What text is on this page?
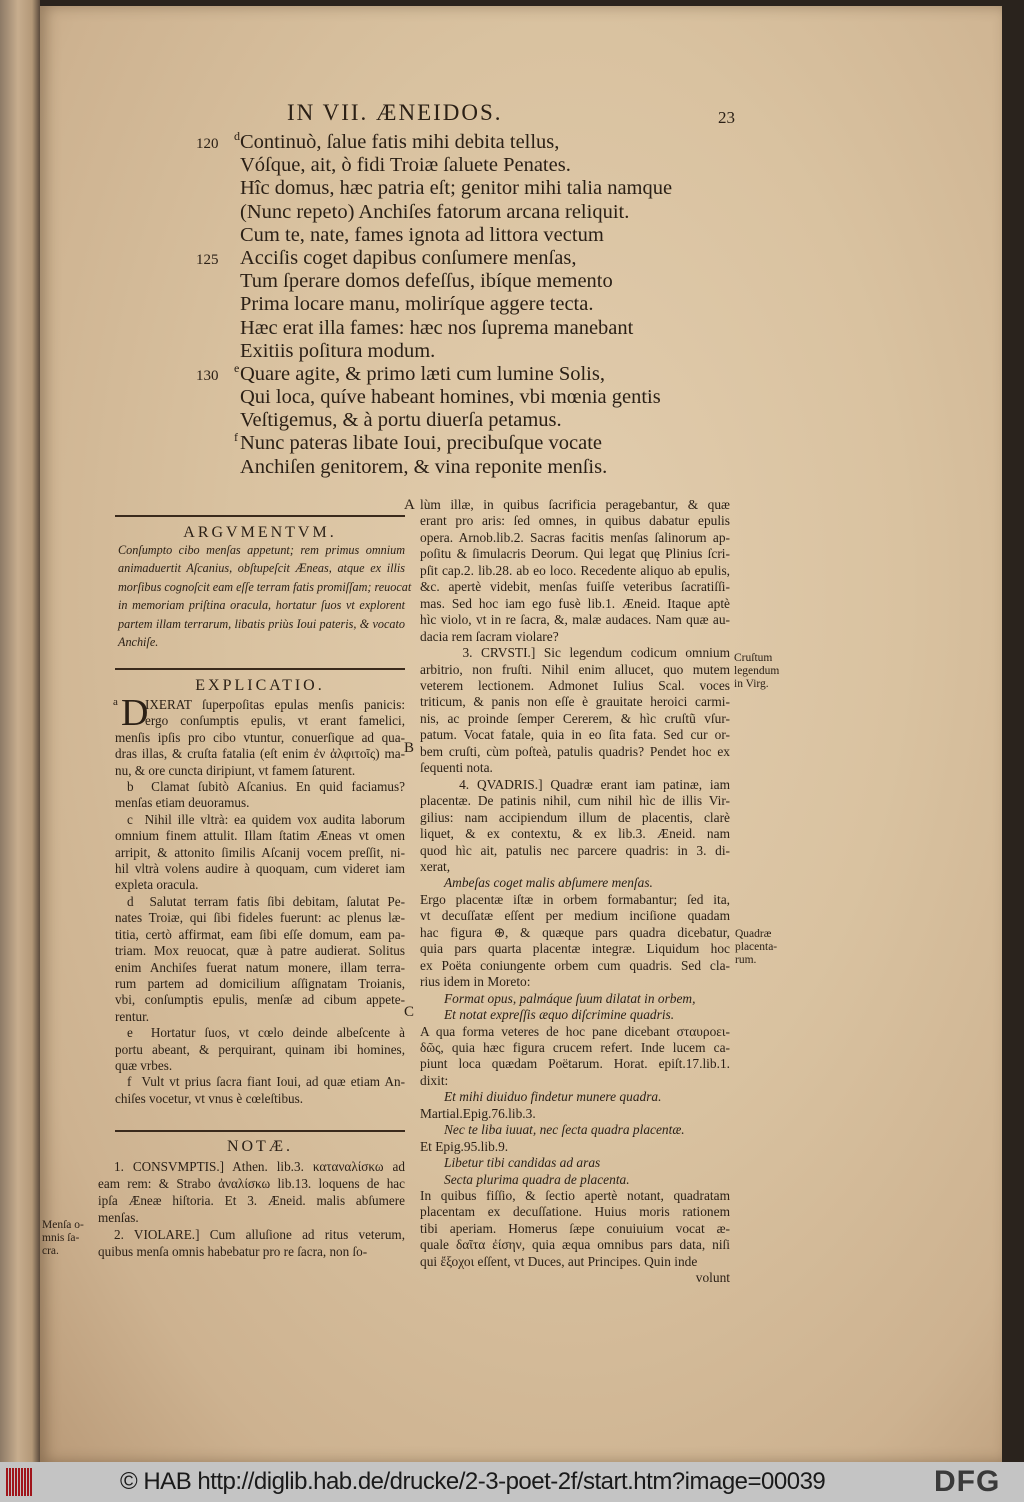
IN VII. ÆNEIDOS.	23
120 d Continuò, ſalue fatis mihi debita tellus,
Vóſque, ait, ò fidi Troiæ ſaluete Penates.
Hîc domus, hæc patria eſt; genitor mihi talia namque
(Nunc repeto) Anchiſes fatorum arcana reliquit.
Cum te, nate, fames ignota ad littora vectum
125 Acciſis coget dapibus conſumere menſas,
Tum ſperare domos defeſſus, ibíque memento
Prima locare manu, moliríque aggere tecta.
Hæc erat illa fames: hæc nos ſuprema manebant
Exitiis poſitura modum.
130 e Quare agite, & primo læti cum lumine Solis,
Qui loca, quíve habeant homines, vbi mœnia gentis
Veſtigemus, & à portu diuerſa petamus.
f Nunc pateras libate Ioui, precibuſque vocate
Anchiſen genitorem, & vina reponite menſis.
ARGVMENTVM.
Conſumpto cibo menſas appetunt; rem primus omnium
animaduertit Aſcanius, obſtupeſcit Æneas, atque ex illis
morſibus cognoſcit eam eſſe terram fatis promiſſam; reuocat
in memoriam priſtina oracula, hortatur ſuos vt explorent
partem illam terrarum, libatis priùs Ioui pateris, & vocato
Anchiſe.
EXPLICATIO.
a D
IXERAT ſuperpoſitas epulas menſis panicis:
ergo conſumptis epulis, vt erant famelici,
menſis ipſis pro cibo vtuntur, conuerſique ad qua-
dras illas, & cruſta fatalia (eſt enim ἐν ἀλφιτοῖς) ma-
nu, & ore cuncta diripiunt, vt famem ſaturent.
b  Clamat ſubitò Aſcanius. En quid faciamus?
menſas etiam deuoramus.
c  Nihil ille vltrà: ea quidem vox audita laborum
omnium finem attulit. Illam ſtatim Æneas vt omen
arripit, & attonito ſimilis Aſcanij vocem preſſit, ni-
hil vltrà volens audire à quoquam, cum videret iam
expleta oracula.
d  Salutat terram fatis ſibi debitam, ſalutat Pe-
nates Troiæ, qui ſibi fideles fuerunt: ac plenus læ-
titia, certò affirmat, eam ſibi eſſe domum, eam pa-
triam. Mox reuocat, quæ à patre audierat. Solitus
enim Anchiſes fuerat natum monere, illam terra-
rum partem ad domicilium aſſignatam Troianis,
vbi, conſumptis epulis, menſæ ad cibum appete-
rentur.
e  Hortatur ſuos, vt cœlo deinde albeſcente à
portu abeant, & perquirant, quinam ibi homines,
quæ vrbes.
f  Vult vt prius ſacra fiant Ioui, ad quæ etiam An-
chiſes vocetur, vt vnus è cœleſtibus.
NOTÆ.
1. CONSVMPTIS.] Athen. lib.3. καταναλίσκω ad
eam rem: & Strabo ἀναλίσκω lib.13. loquens de hac
ipſa Æneæ hiſtoria. Et 3. Æneid. malis abſumere
menſas.
2. VIOLARE.] Cum alluſione ad ritus veterum,
quibus menſa omnis habebatur pro re ſacra, non ſo-
lùm illæ, in quibus ſacrificia peragebantur, & quæ
erant pro aris: ſed omnes, in quibus dabatur epulis
opera. Arnob.lib.2. Sacras facitis menſas ſalinorum ap-
poſitu & ſimulacris Deorum. Qui legat quę Plinius ſcri-
pſit cap.2. lib.28. ab eo loco. Recedente aliquo ab epulis,
&c. apertè videbit, menſas fuiſſe veteribus ſacratiſſi-
mas. Sed hoc iam ego fusè lib.1. Æneid. Itaque aptè
hìc violo, vt in re ſacra, &, malæ audaces. Nam quæ au-
dacia rem ſacram violare?
3. CRVSTI.] Sic legendum codicum omnium
arbitrio, non fruſti. Nihil enim allucet, quo mutem
veterem lectionem. Admonet Iulius Scal. voces
triticum, & panis non eſſe è grauitate heroici carmi-
nis, ac proinde ſemper Cererem, & hìc cruſtũ vſur-
patum. Vocat fatale, quia in eo ſita fata. Sed cur or-
bem cruſti, cùm poſteà, patulis quadris? Pendet hoc ex
ſequenti nota.
4. QVADRIS.] Quadræ erant iam patinæ, iam
placentæ. De patinis nihil, cum nihil hìc de illis Vir-
gilius: nam accipiendum illum de placentis, clarè
liquet, & ex contextu, & ex lib.3. Æneid. nam
quod hìc ait, patulis nec parcere quadris: in 3. di-
xerat,
Ambeſas coget malis abſumere menſas.
Ergo placentæ iſtæ in orbem formabantur; ſed ita,
vt decuſſatæ eſſent per medium inciſione quadam
hac figura ⊕, & quæque pars quadra dicebatur,
quia pars quarta placentæ integræ. Liquidum hoc
ex Poëta coniungente orbem cum quadris. Sed cla-
rius idem in Moreto:
Format opus, palmáque ſuum dilatat in orbem,
Et notat expreſſis æquo diſcrimine quadris.
A qua forma veteres de hoc pane dicebant σταυροει-
δῶς, quia hæc figura crucem refert. Inde lucem ca-
piunt loca quædam Poëtarum. Horat. epiſt.17.lib.1.
dixit:
Et mihi diuiduo findetur munere quadra.
Martial.Epig.76.lib.3.
Nec te liba iuuat, nec ſecta quadra placentæ.
Et Epig.95.lib.9.
Libetur tibi candidas ad aras
Secta plurima quadra de placenta.
In quibus fiſſio, & ſectio apertè notant, quadratam
placentam ex decuſſatione. Huius moris rationem
tibi aperiam. Homerus ſæpe conuiuium vocat æ-
quale δαῖτα ἐίσην, quia æqua omnibus pars data, niſi
qui ἔξοχοι eſſent, vt Duces, aut Principes. Quin inde
volunt
A
B
C
Cruſtum
legendum
in Virg.
Quadræ
placenta-
rum.
Menſa o-
mnis ſa-
cra.
© HAB http://diglib.hab.de/drucke/2-3-poet-2f/start.htm?image=00039	DFG
